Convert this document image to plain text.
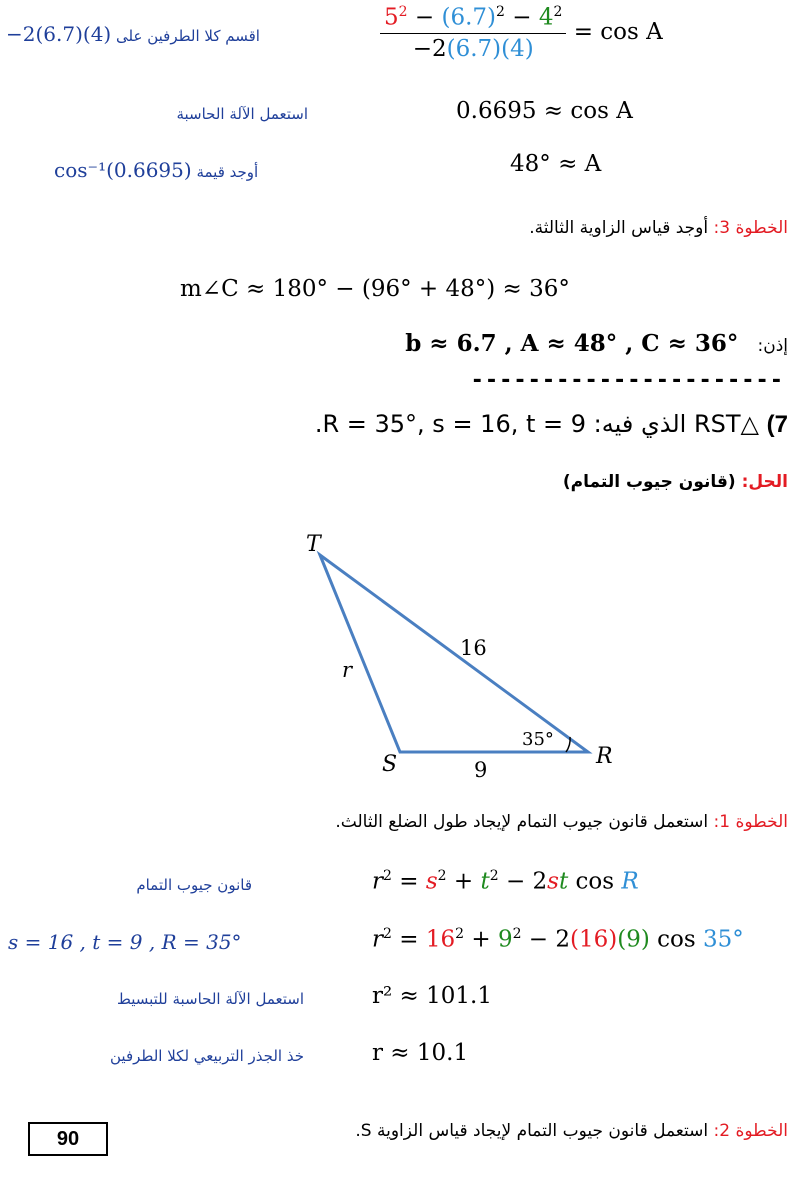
−2(6.7)(4) اقسم كلا الطرفين على	$\frac{5^2 - (6.7)^2 - 4^2}{-2(6.7)(4)} = \cos A$
استعمل الآلة الحاسبة	0.6695 ≈ cos A
cos⁻¹(0.6695) أوجد قيمة	48° ≈ A
الخطوة 3: أوجد قياس الزاوية الثالثة.
m∠C ≈ 180° − (96° + 48°) ≈ 36°
إذن: b ≈ 6.7 , A ≈ 48° , C ≈ 36°
----------------------
7) △RST الذي فيه: R = 35°, s = 16, t = 9.
الحل: (قانون جيوب التمام)
T
S	R
16
r
9
35°
الخطوة 1: استعمل قانون جيوب التمام لإيجاد طول الضلع الثالث.
قانون جيوب التمام	$r^2 = s^2 + t^2 - 2st$ cos R
s = 16 , t = 9 , R = 35°	$r^2 = 16^2 + 9^2 - 2(16)(9)$ cos 35°
استعمل الآلة الحاسبة للتبسيط	r² ≈ 101.1
خذ الجذر التربيعي لكلا الطرفين	r ≈ 10.1
الخطوة 2: استعمل قانون جيوب التمام لإيجاد قياس الزاوية S.
90
